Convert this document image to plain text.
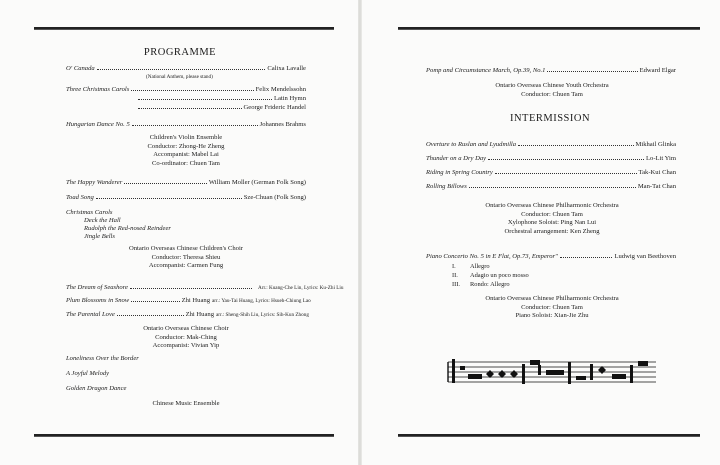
PROGRAMME
O' Canada	Calixa Lavalle
(National Anthem, please stand)
Three Christmas Carols	Felix Mendelssohn
Latin Hymn
George Frideric Handel
Hungarian Dance No. 5	Johannes Brahms
Children's Violin Ensemble
Conductor: Zhong-He Zheng
Accompanist: Mabel Lai
Co-ordinator: Chuen Tam
The Happy Wanderer	William Moller (German Folk Song)
Toad Song	Sze-Chuan (Folk Song)
Christmas Carols
Deck the Hall
Rudolph the Red-nosed Reindeer
Jingle Bells
Ontario Overseas Chinese Children's Choir
Conductor: Theresa Shieu
Accompanist: Carmen Fung
The Dream of Seashore	Arr.: Kuang-Che Lin, Lyrics: Ku-Zhi Liu
Plum Blossoms in Snow	Zhi Huang arr.: Yau-Tai Huang, Lyrics: Hsueh-Chiung Lao
The Parental Love	Zhi Huang arr.: Sheng-Shih Liu, Lyrics: Sih-Kun Zhong
Ontario Overseas Chinese Choir
Conductor: Mak-Ching
Accompanist: Vivian Yip
Loneliness Over the Border
A Joyful Melody
Golden Dragon Dance
Chinese Music Ensemble
Pomp and Circumstance March, Op.39, No.1	Edward Elgar
Ontario Overseas Chinese Youth Orchestra
Conductor: Chuen Tam
INTERMISSION
Overture to Ruslan and Lyudmilla	Mikhail Glinka
Thunder on a Dry Day	Lo-Lit Yim
Riding in Spring Country	Tak-Kui Chan
Rolling Billows	Man-Tat Chan
Ontario Overseas Chinese Philharmonic Orchestra
Conductor: Chuen Tam
Xylophone Soloist: Ping Nan Lui
Orchestral arrangement: Ken Zheng
Piano Concerto No. 5 in E Flat, Op.73, Emperor"	Ludwig van Beethoven
I. Allegro
II. Adagio un poco mosso
III. Rondo: Allegro
Ontario Overseas Chinese Philharmonic Orchestra
Conductor: Chuen Tam
Piano Soloist: Xian-Jie Zhu
